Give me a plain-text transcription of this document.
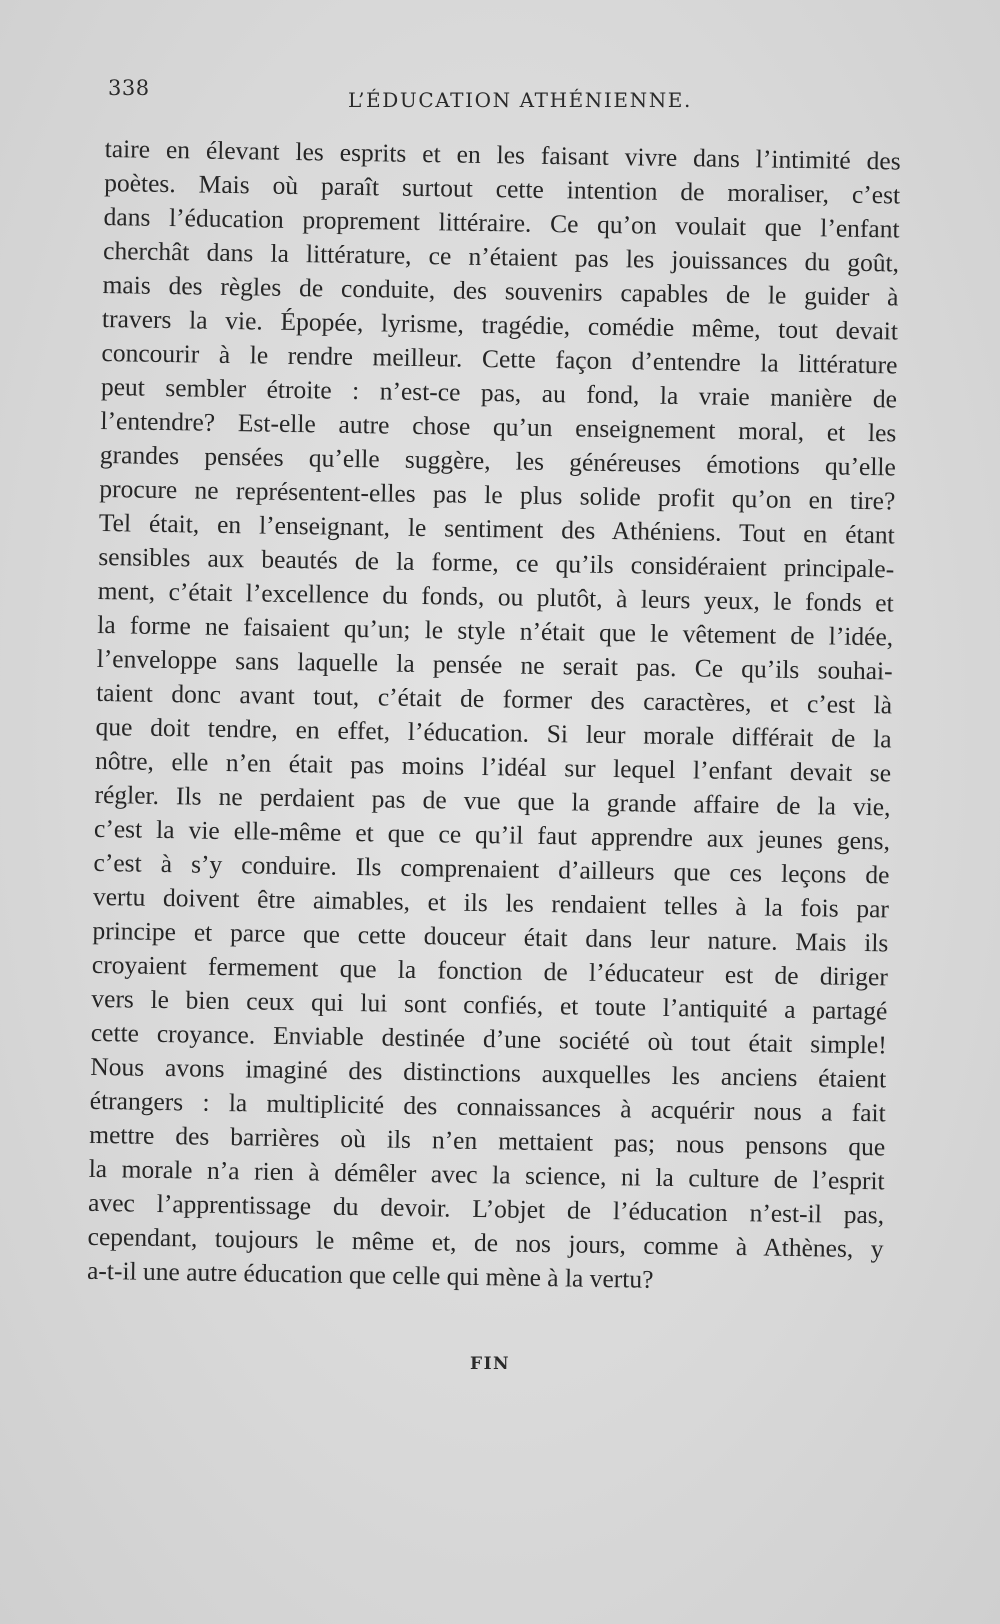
338	L’ÉDUCATION ATHÉNIENNE.
taire en élevant les esprits et en les faisant vivre dans l’intimité des
poètes. Mais où paraît surtout cette intention de moraliser, c’est
dans l’éducation proprement littéraire. Ce qu’on voulait que l’enfant
cherchât dans la littérature, ce n’étaient pas les jouissances du goût,
mais des règles de conduite, des souvenirs capables de le guider à
travers la vie. Épopée, lyrisme, tragédie, comédie même, tout devait
concourir à le rendre meilleur. Cette façon d’entendre la littérature
peut sembler étroite : n’est-ce pas, au fond, la vraie manière de
l’entendre? Est-elle autre chose qu’un enseignement moral, et les
grandes pensées qu’elle suggère, les généreuses émotions qu’elle
procure ne représentent-elles pas le plus solide profit qu’on en tire?
Tel était, en l’enseignant, le sentiment des Athéniens. Tout en étant
sensibles aux beautés de la forme, ce qu’ils considéraient principale-
ment, c’était l’excellence du fonds, ou plutôt, à leurs yeux, le fonds et
la forme ne faisaient qu’un; le style n’était que le vêtement de l’idée,
l’enveloppe sans laquelle la pensée ne serait pas. Ce qu’ils souhai-
taient donc avant tout, c’était de former des caractères, et c’est là
que doit tendre, en effet, l’éducation. Si leur morale différait de la
nôtre, elle n’en était pas moins l’idéal sur lequel l’enfant devait se
régler. Ils ne perdaient pas de vue que la grande affaire de la vie,
c’est la vie elle-même et que ce qu’il faut apprendre aux jeunes gens,
c’est à s’y conduire. Ils comprenaient d’ailleurs que ces leçons de
vertu doivent être aimables, et ils les rendaient telles à la fois par
principe et parce que cette douceur était dans leur nature. Mais ils
croyaient fermement que la fonction de l’éducateur est de diriger
vers le bien ceux qui lui sont confiés, et toute l’antiquité a partagé
cette croyance. Enviable destinée d’une société où tout était simple!
Nous avons imaginé des distinctions auxquelles les anciens étaient
étrangers : la multiplicité des connaissances à acquérir nous a fait
mettre des barrières où ils n’en mettaient pas; nous pensons que
la morale n’a rien à démêler avec la science, ni la culture de l’esprit
avec l’apprentissage du devoir. L’objet de l’éducation n’est-il pas,
cependant, toujours le même et, de nos jours, comme à Athènes, y
a-t-il une autre éducation que celle qui mène à la vertu?
FIN
